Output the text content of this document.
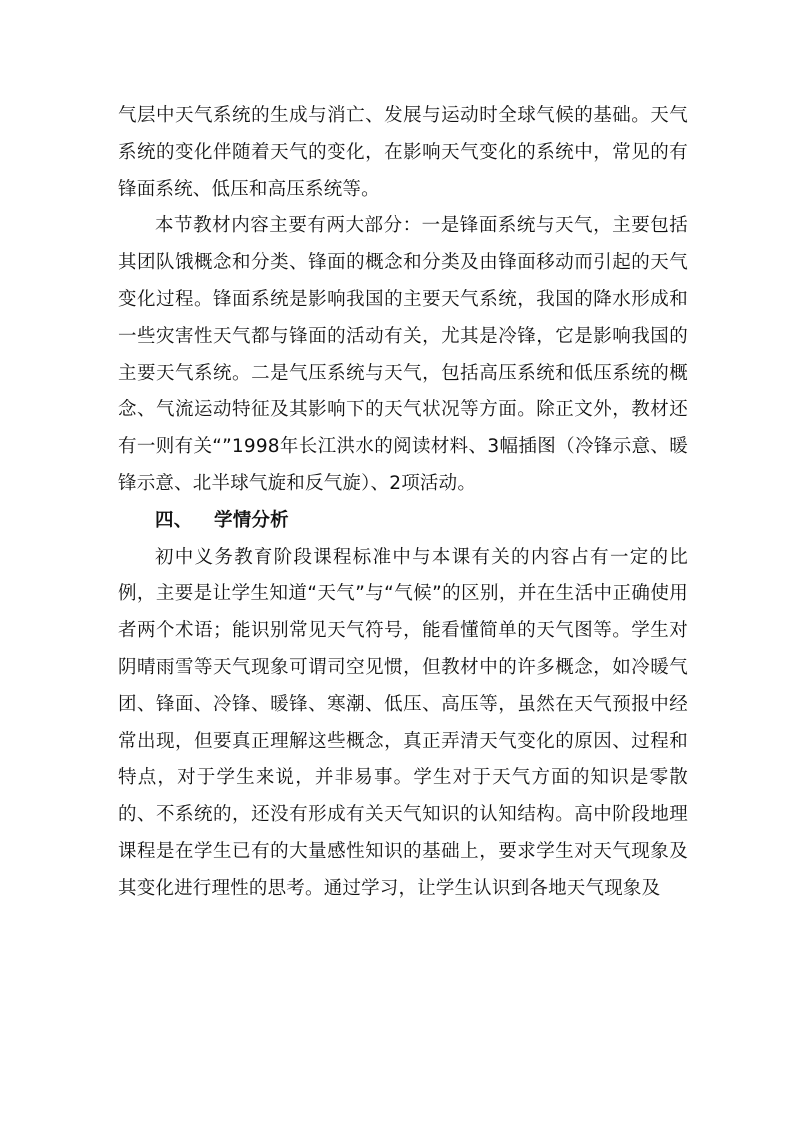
气层中天气系统的生成与消亡、发展与运动时全球气候的基础。天气系统的变化伴随着天气的变化，在影响天气变化的系统中，常见的有锋面系统、低压和高压系统等。

本节教材内容主要有两大部分：一是锋面系统与天气，主要包括其团队饿概念和分类、锋面的概念和分类及由锋面移动而引起的天气变化过程。锋面系统是影响我国的主要天气系统，我国的降水形成和一些灾害性天气都与锋面的活动有关，尤其是冷锋，它是影响我国的主要天气系统。二是气压系统与天气，包括高压系统和低压系统的概念、气流运动特征及其影响下的天气状况等方面。除正文外，教材还有一则有关“”1998年长江洪水的阅读材料、3幅插图（冷锋示意、暖锋示意、北半球气旋和反气旋）、2项活动。

四、 学情分析

初中义务教育阶段课程标准中与本课有关的内容占有一定的比例，主要是让学生知道“天气”与“气候”的区别，并在生活中正确使用者两个术语；能识别常见天气符号，能看懂简单的天气图等。学生对阴晴雨雪等天气现象可谓司空见惯，但教材中的许多概念，如冷暖气团、锋面、冷锋、暖锋、寒潮、低压、高压等，虽然在天气预报中经常出现，但要真正理解这些概念，真正弄清天气变化的原因、过程和特点，对于学生来说，并非易事。学生对于天气方面的知识是零散的、不系统的，还没有形成有关天气知识的认知结构。高中阶段地理课程是在学生已有的大量感性知识的基础上，要求学生对天气现象及其变化进行理性的思考。通过学习，让学生认识到各地天气现象及
